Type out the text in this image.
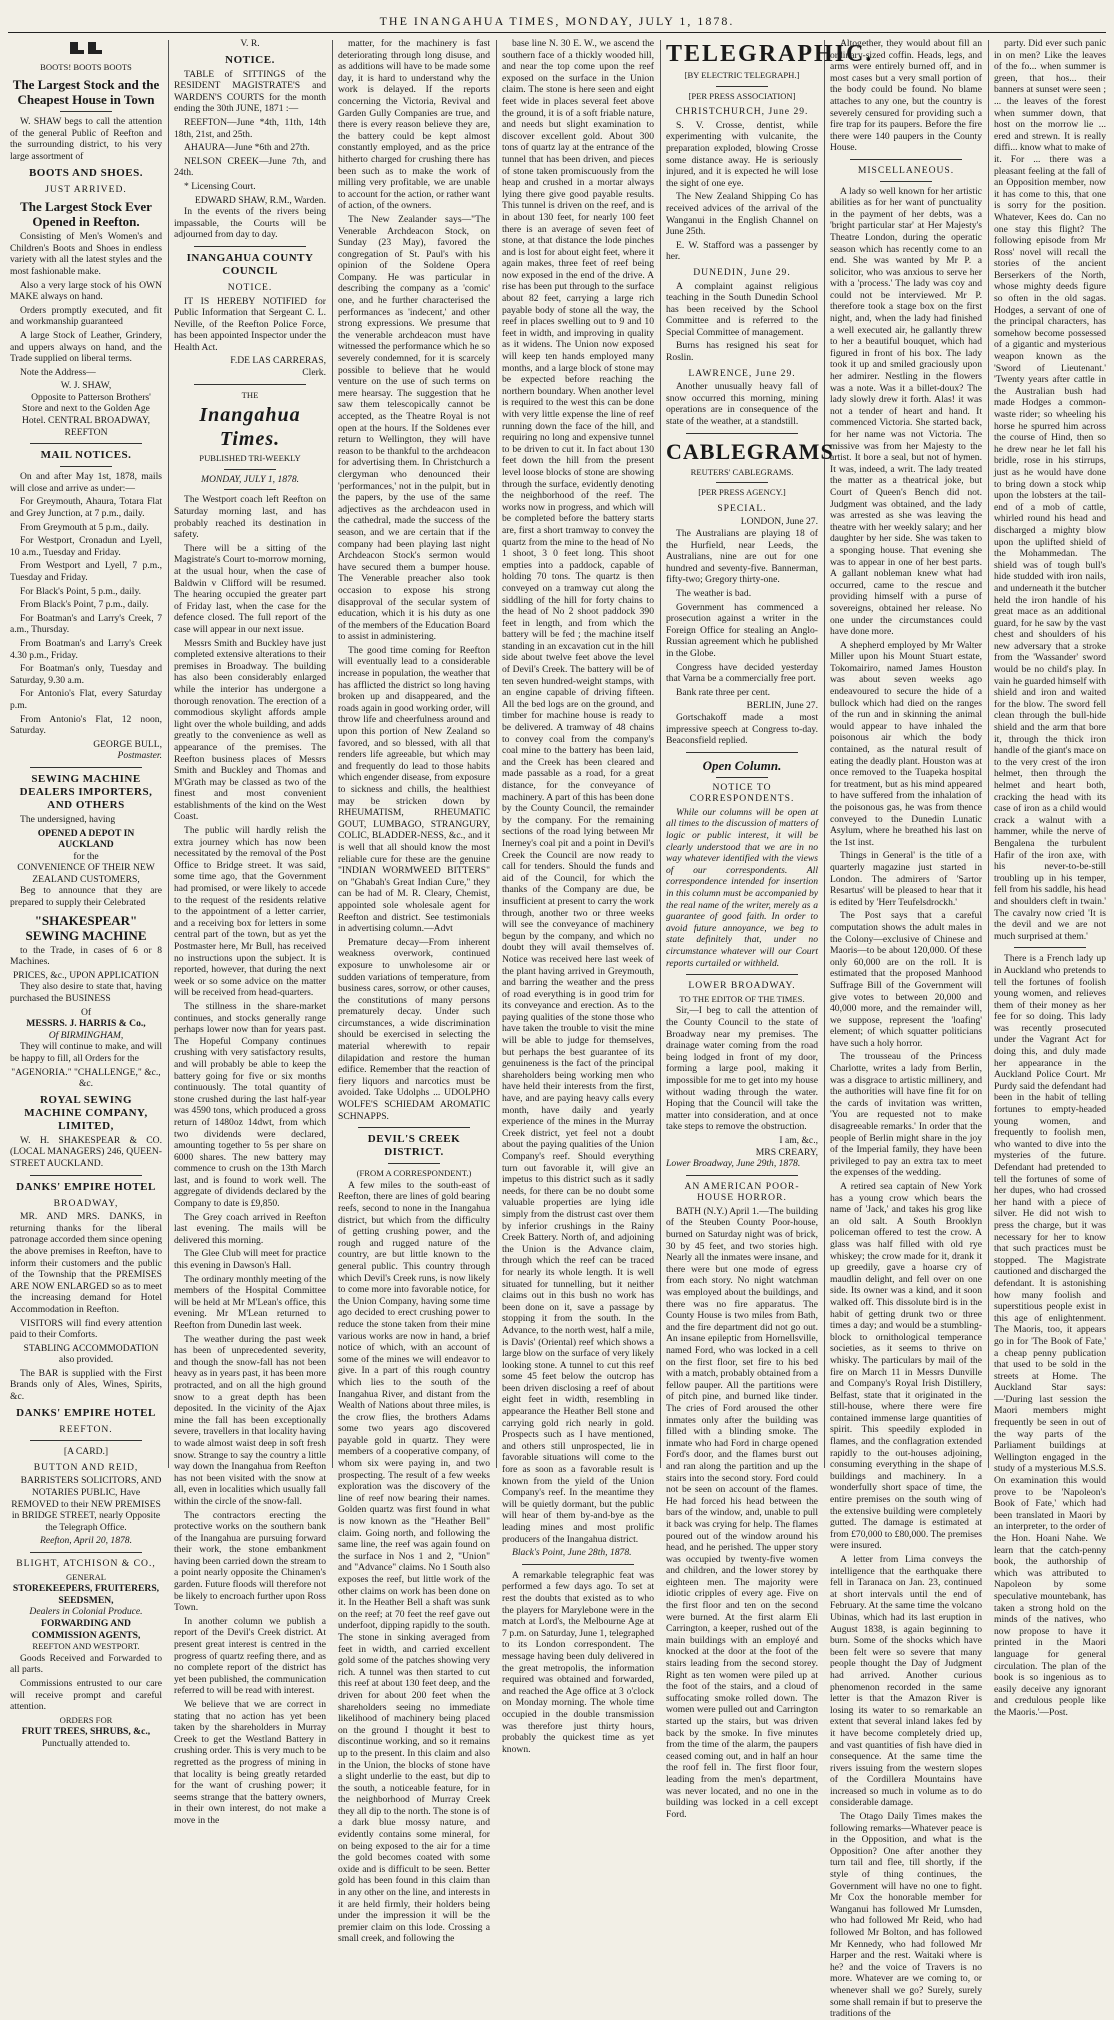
THE INANGAHUA TIMES, MONDAY, JULY 1, 1878.
BOOTS! BOOTS BOOTS
The Largest Stock and the Cheapest House in Town

W. SHAW begs to call the attention of the general Public of Reefton and the surrounding district, to his very large assortment of

BOOTS AND SHOES.
JUST ARRIVED.
The Largest Stock Ever Opened in Reefton.

Consisting of Men's Women's and Children's Boots and Shoes in endless variety with all the latest styles and the most fashionable make.

Also a very large stock of his OWN MAKE always on hand.

Orders promptly executed, and fit and workmanship guaranteed

A large Stock of Leather, Grindery, and uppers always on hand, and the Trade supplied on liberal terms.

Note the Address—

W. J. SHAW,

Opposite to Patterson Brothers' Store and next to the Golden Age Hotel. CENTRAL BROADWAY, REEFTON

MAIL NOTICES.

On and after May 1st, 1878, mails will close and arrive as under:—

For Greymouth, Ahaura, Totara Flat and Grey Junction, at 7 p.m., daily.

From Greymouth at 5 p.m., daily.

For Westport, Cronadun and Lyell, 10 a.m., Tuesday and Friday.

From Westport and Lyell, 7 p.m., Tuesday and Friday.

For Black's Point, 5 p.m., daily.

From Black's Point, 7 p.m., daily.

For Boatman's and Larry's Creek, 7 a.m., Thursday.

From Boatman's and Larry's Creek 4.30 p.m., Friday.

For Boatman's only, Tuesday and Saturday, 9.30 a.m.

For Antonio's Flat, every Saturday p.m.

From Antonio's Flat, 12 noon, Saturday.

GEORGE BULL,
Postmaster.
SEWING MACHINE DEALERS IMPORTERS, AND OTHERS

The undersigned, having

OPENED A DEPOT IN AUCKLAND
for the
CONVENIENCE OF THEIR NEW ZEALAND CUSTOMERS,

Beg to announce that they are prepared to supply their Celebrated

"SHAKESPEAR" SEWING MACHINE

to the Trade, in cases of 6 or 8 Machines.

PRICES, &c., UPON APPLICATION

They also desire to state that, having purchased the BUSINESS

Of
MESSRS. J. HARRIS & Co.,
Of BIRMINGHAM,

They will continue to make, and will be happy to fill, all Orders for the

"AGENORIA." "CHALLENGE," &c., &c.
ROYAL SEWING MACHINE COMPANY, LIMITED,

W. H. SHAKESPEAR & CO. (LOCAL MANAGERS) 246, QUEEN-STREET AUCKLAND.

DANKS' EMPIRE HOTEL
BROADWAY,

MR. AND MRS. DANKS, in returning thanks for the liberal patronage accorded them since opening the above premises in Reefton, have to inform their customers and the public of the Township that the PREMISES ARE NOW ENLARGED so as to meet the increasing demand for Hotel Accommodation in Reefton.

VISITORS will find every attention paid to their Comforts.

STABLING ACCOMMODATION also provided.

The BAR is supplied with the First Brands only of Ales, Wines, Spirits, &c.

DANKS' EMPIRE HOTEL
REEFTON.
[A CARD.]
BUTTON AND REID,

BARRISTERS SOLICITORS, AND NOTARIES PUBLIC, Have REMOVED to their NEW PREMISES in BRIDGE STREET, nearly Opposite the Telegraph Office.

Reefton, April 20, 1878.
BLIGHT, ATCHISON & CO.,
GENERAL
STOREKEEPERS, FRUITERERS, SEEDSMEN,
Dealers in Colonial Produce.
FORWARDING AND COMMISSION AGENTS,
REEFTON AND WESTPORT.

Goods Received and Forwarded to all parts.

Commissions entrusted to our care will receive prompt and careful attention.

ORDERS FOR
FRUIT TREES, SHRUBS, &c.,
Punctually attended to.
V. R.
NOTICE.

TABLE of SITTINGS of the RESIDENT MAGISTRATE'S and WARDEN'S COURTS for the month ending the 30th JUNE, 1871 :—

REEFTON—June *4th, 11th, 14th 18th, 21st, and 25th.

AHAURA—June *6th and 27th.

NELSON CREEK—June 7th, and 24th.

* Licensing Court.

EDWARD SHAW, R.M., Warden.

In the events of the rivers being impassable, the Courts will be adjourned from day to day.

INANGAHUA COUNTY COUNCIL
NOTICE.

IT IS HEREBY NOTIFIED for Public Information that Sergeant C. L. Neville, of the Reefton Police Force, has been appointed Inspector under the Health Act.

F.DE LAS CARRERAS,
Clerk.
THE
Inangahua Times.
PUBLISHED TRI-WEEKLY
MONDAY, JULY 1, 1878.

The Westport coach left Reefton on Saturday morning last, and has probably reached its destination in safety.

There will be a sitting of the Magistrate's Court to-morrow morning, at the usual hour, when the case of Baldwin v Clifford will be resumed. The hearing occupied the greater part of Friday last, when the case for the defence closed. The full report of the case will appear in our next issue.

Messrs Smith and Buckley have just completed extensive alterations to their premises in Broadway. The building has also been considerably enlarged while the interior has undergone a thorough renovation. The erection of a commodious skylight affords ample light over the whole building, and adds greatly to the convenience as well as appearance of the premises. The Reefton business places of Messrs Smith and Buckley and Thomas and M'Grath may be classed as two of the finest and most convenient establishments of the kind on the West Coast.

The public will hardly relish the extra journey which has now been necessitated by the removal of the Post Office to Bridge street. It was said, some time ago, that the Government had promised, or were likely to accede to the request of the residents relative to the appointment of a letter carrier, and a receiving box for letters in some central part of the town, but as yet the Postmaster here, Mr Bull, has received no instructions upon the subject. It is reported, however, that during the next week or so some advice on the matter will be received from head-quarters.

The stillness in the share-market continues, and stocks generally range perhaps lower now than for years past. The Hopeful Company continues crushing with very satisfactory results, and will probably be able to keep the battery going for five or six months continuously. The total quantity of stone crushed during the last half-year was 4590 tons, which produced a gross return of 1480oz 14dwt, from which two dividends were declared, amounting together to 5s per share on 6000 shares. The new battery may commence to crush on the 13th March last, and is found to work well. The aggregate of dividends declared by the Company to date is £9,850.

The Grey coach arrived in Reefton last evening. The mails will be delivered this morning.

The Glee Club will meet for practice this evening in Dawson's Hall.

The ordinary monthly meeting of the members of the Hospital Committee will be held at Mr M'Lean's office, this evening. Mr M'Lean returned to Reefton from Dunedin last week.

The weather during the past week has been of unprecedented severity, and though the snow-fall has not been heavy as in years past, it has been more protracted, and on all the high ground snow to a great depth has been deposited. In the vicinity of the Ajax mine the fall has been exceptionally severe, travellers in that locality having to wade almost waist deep in soft fresh snow. Strange to say the country a little way down the Inangahua from Reefton has not been visited with the snow at all, even in localities which usually fall within the circle of the snow-fall.

The contractors erecting the protective works on the southern bank of the Inangahua are pursuing forward their work, the stone embankment having been carried down the stream to a point nearly opposite the Chinamen's garden. Future floods will therefore not be likely to encroach further upon Ross Town.

In another column we publish a report of the Devil's Creek district. At present great interest is centred in the progress of quartz reefing there, and as no complete report of the district has yet been published, the communication referred to will be read with interest.

We believe that we are correct in stating that no action has yet been taken by the shareholders in Murray Creek to get the Westland Battery in crushing order. This is very much to be regretted as the progress of mining in that locality is being greatly retarded for the want of crushing power; it seems strange that the battery owners, in their own interest, do not make a move in the

matter, for the machinery is fast deteriorating through long disuse, and as additions will have to be made some day, it is hard to understand why the work is delayed. If the reports concerning the Victoria, Revival and Garden Gully Companies are true, and there is every reason believe they are, the battery could be kept almost constantly employed, and as the price hitherto charged for crushing there has been such as to make the work of milling very profitable, we are unable to account for the action, or rather want of action, of the owners.

The New Zealander says—"The Venerable Archdeacon Stock, on Sunday (23 May), favored the congregation of St. Paul's with his opinion of the Soldene Opera Company. He was particular in describing the company as a 'comic' one, and he further characterised the performances as 'indecent,' and other strong expressions. We presume that the venerable archdeacon must have witnessed the performance which he so severely condemned, for it is scarcely possible to believe that he would venture on the use of such terms on mere hearsay. The suggestion that he saw them telescopically cannot be accepted, as the Theatre Royal is not open at the hours. If the Soldenes ever return to Wellington, they will have reason to be thankful to the archdeacon for advertising them. In Christchurch a clergyman who denounced their 'performances,' not in the pulpit, but in the papers, by the use of the same adjectives as the archdeacon used in the cathedral, made the success of the season, and we are certain that if the company had been playing last night Archdeacon Stock's sermon would have secured them a bumper house. The Venerable preacher also took occasion to expose his strong disapproval of the secular system of education, which it is his duty as one of the members of the Education Board to assist in administering.

The good time coming for Reefton will eventually lead to a considerable increase in population, the weather that has afflicted the district so long having broken up and disappeared, and the roads again in good working order, will throw life and cheerfulness around and upon this portion of New Zealand so favored, and so blessed, with all that renders life agreeable, but which may and frequently do lead to those habits which engender disease, from exposure to sickness and chills, the healthiest may be stricken down by RHEUMATISM, RHEUMATIC GOUT, LUMBAGO, STRANGURY, COLIC, BLADDER-NESS, &c., and it is well that all should know the most reliable cure for these are the genuine "INDIAN WORMWEED BITTERS" on "Ghabah's Great Indian Cure," they can be had of M. R. Cleary, Chemist, appointed sole wholesale agent for Reefton and district. See testimonials in advertising column.—Advt

Premature decay—From inherent weakness overwork, continued exposure to unwholesome air or sudden variations of temperature, from business cares, sorrow, or other causes, the constitutions of many persons prematurely decay. Under such circumstances, a wide discrimination should be exercised in selecting the material wherewith to repair dilapidation and restore the human edifice. Remember that the reaction of fiery liquors and narcotics must be avoided. Take Udolphs ... UDOLPHO WOLFE'S SCHIEDAM AROMATIC SCHNAPPS.

DEVIL'S CREEK DISTRICT.
(FROM A CORRESPONDENT.)

A few miles to the south-east of Reefton, there are lines of gold bearing reefs, second to none in the Inangahua district, but which from the difficulty of getting crushing power, and the rough and rugged nature of the country, are but little known to the general public. This country through which Devil's Creek runs, is now likely to come more into favorable notice, for the Union Company, having some time ago decided to erect crushing power to reduce the stone taken from their mine various works are now in hand, a brief notice of which, with an account of some of the mines we will endeavor to give. In a part of this rough country which lies to the south of the Inangahua River, and distant from the Wealth of Nations about three miles, is the crow flies, the brothers Adams some two years ago discovered payable gold in quartz. They were members of a cooperative company, of whom six were paying in, and two prospecting. The result of a few weeks exploration was the discovery of the line of reef now bearing their names. Golden quartz was first found in what is now known as the "Heather Bell" claim. Going north, and following the same line, the reef was again found on the surface in Nos 1 and 2, "Union" and "Advance" claims. No 1 South also exposes the reef, but little work of the other claims on work has been done on it. In the Heather Bell a shaft was sunk on the reef; at 70 feet the reef gave out underfoot, dipping rapidly to the south. The stone in sinking averaged from feet in width, and carried excellent gold some of the patches showing very rich. A tunnel was then started to cut this reef at about 130 feet deep, and the driven for about 200 feet when the shareholders seeing no immediate likelihood of machinery being placed on the ground I thought it best to discontinue working, and so it remains up to the present. In this claim and also in the Union, the blocks of stone have a slight underlie to the east, but dip to the south, a noticeable feature, for in the neighborhood of Murray Creek they all dip to the north. The stone is of a dark blue mossy nature, and evidently contains some mineral, for on being exposed to the air for a time the gold becomes coated with some oxide and is difficult to be seen. Better gold has been found in this claim than in any other on the line, and interests in it are held firmly, their holders being under the impression it will be the premier claim on this lode. Crossing a small creek, and following the

base line N. 30 E. W., we ascend the southern face of a thickly wooded hill, and near the top come upon the reef exposed on the surface in the Union claim. The stone is here seen and eight feet wide in places several feet above the ground, it is of a soft friable nature, and needs but slight examination to discover excellent gold. About 300 tons of quartz lay at the entrance of the tunnel that has been driven, and pieces of stone taken promiscuously from the heap and crushed in a mortar always lying there give good payable results. This tunnel is driven on the reef, and is in about 130 feet, for nearly 100 feet there is an average of seven feet of stone, at that distance the lode pinches and is lost for about eight feet, where it again makes, three feet of reef being now exposed in the end of the drive. A rise has been put through to the surface about 82 feet, carrying a large rich payable body of stone all the way, the reef in places swelling out to 9 and 10 feet in width, and improving in quality as it widens. The Union now exposed will keep ten hands employed many months, and a large block of stone may be expected before reaching the northern boundary. When another level is required to the west this can be done with very little expense the line of reef running down the face of the hill, and requiring no long and expensive tunnel to be driven to cut it. In fact about 130 feet down the hill from the present level loose blocks of stone are showing through the surface, evidently denoting the neighborhood of the reef. The works now in progress, and which will be completed before the battery starts are, first a short tramway to convey the quartz from the mine to the head of No 1 shoot, 3 0 feet long. This shoot empties into a paddock, capable of holding 70 tons. The quartz is then conveyed on a tramway cut along the siddling of the hill for forty chains to the head of No 2 shoot paddock 390 feet in length, and from which the battery will be fed ; the machine itself standing in an excavation cut in the hill side about twelve feet above the level of Devil's Creek. The battery will be of ten seven hundred-weight stamps, with an engine capable of driving fifteen. All the bed logs are on the ground, and timber for machine house is ready to be delivered. A tramway of 48 chains to convey coal from the company's coal mine to the battery has been laid, and the Creek has been cleared and made passable as a road, for a great distance, for the conveyance of machinery. A part of this has been done by the County Council, the remainder by the company. For the remaining sections of the road lying between Mr Inerney's coal pit and a point in Devil's Creek the Council are now ready to call for tenders. Should the funds and aid of the Council, for which the thanks of the Company are due, be insufficient at present to carry the work through, another two or three weeks will see the conveyance of machinery begun by the company, and which no doubt they will avail themselves of. Notice was received here last week of the plant having arrived in Greymouth, and barring the weather and the press of road everything is in good trim for its conveyance and erection. As to the paying qualities of the stone those who have taken the trouble to visit the mine will be able to judge for themselves, but perhaps the best guarantee of its genuineness is the fact of the principal shareholders being working men who have held their interests from the first, have, and are paying heavy calls every month, have daily and yearly experience of the mines in the Murray Creek district, yet feel not a doubt about the paying qualities of the Union Company's reef. Should everything turn out favorable it, will give an impetus to this district such as it sadly needs, for there can be no doubt some valuable properties are lying idle simply from the distrust cast over them by inferior crushings in the Rainy Creek Battery. North of, and adjoining the Union is the Advance claim, through which the reef can be traced for nearly its whole length. It is well situated for tunnelling, but it neither claims out in this bush no work has been done on it, save a passage by stopping it from the south. In the Advance, to the north west, half a mile, is Davis' (Oriental) reef which shows a large blow on the surface of very likely looking stone. A tunnel to cut this reef some 45 feet below the outcrop has been driven disclosing a reef of about eight feet in width, resembling in appearance the Heather Bell stone and carrying gold rich nearly in gold. Prospects such as I have mentioned, and others still unprospected, lie in favorable situations will come to the fore as soon as a favorable result is known from the yield of the Union Company's reef. In the meantime they will be quietly dormant, but the public will hear of them by-and-bye as the leading mines and most prolific producers of the Inangahua district.

Black's Point, June 28th, 1878.

A remarkable telegraphic feat was performed a few days ago. To set at rest the doubts that existed as to who the players for Marylebone were in the match at Lord's, the Melbourne Age at 7 p.m. on Saturday, June 1, telegraphed to its London correspondent. The message having been duly delivered in the great metropolis, the information required was obtained and forwarded, and reached the Age office at 3 o'clock on Monday morning. The whole time occupied in the double transmission was therefore just thirty hours, probably the quickest time as yet known.

TELEGRAPHIC.
[BY ELECTRIC TELEGRAPH.]
[PER PRESS ASSOCIATION]
CHRISTCHURCH, June 29.

S. V. Crosse, dentist, while experimenting with vulcanite, the preparation exploded, blowing Crosse some distance away. He is seriously injured, and it is expected he will lose the sight of one eye.

The New Zealand Shipping Co has received advices of the arrival of the Wanganui in the English Channel on June 25th.

E. W. Stafford was a passenger by her.

DUNEDIN, June 29.

A complaint against religious teaching in the South Dunedin School has been received by the School Committee and is referred to the Special Committee of management.

Burns has resigned his seat for Roslin.

LAWRENCE, June 29.

Another unusually heavy fall of snow occurred this morning, mining operations are in consequence of the state of the weather, at a standstill.

CABLEGRAMS
REUTERS' CABLEGRAMS.
[PER PRESS AGENCY.]
SPECIAL.
LONDON, June 27.

The Australians are playing 18 of the Hurfield, near Leeds, the Australians, nine are out for one hundred and seventy-five. Bannerman, fifty-two; Gregory thirty-one.

The weather is bad.

Government has commenced a prosecution against a writer in the Foreign Office for stealing an Anglo-Russian agreement which he published in the Globe.

Congress have decided yesterday that Varna be a commercially free port.

Bank rate three per cent.

BERLIN, June 27.

Gortschakoff made a most impressive speech at Congress to-day. Beaconsfield replied.

Open Column.
NOTICE TO CORRESPONDENTS.

While our columns will be open at all times to the discussion of matters of logic or public interest, it will be clearly understood that we are in no way whatever identified with the views of our correspondents. All correspondence intended for insertion in this column must be accompanied by the real name of the writer, merely as a guarantee of good faith. In order to avoid future annoyance, we beg to state definitely that, under no circumstance whatever will our Court reports curtailed or withheld.

LOWER BROADWAY.
TO THE EDITOR OF THE TIMES.

Sir,—I beg to call the attention of the County Council to the state of Broadway near my premises. The drainage water coming from the road being lodged in front of my door, forming a large pool, making it impossible for me to get into my house without wading through the water. Hoping that the Council will take the matter into consideration, and at once take steps to remove the obstruction.

I am, &c.,
MRS CREARY,
Lower Broadway, June 29th, 1878.
AN AMERICAN POOR-HOUSE HORROR.

BATH (N.Y.) April 1.—The building of the Steuben County Poor-house, burned on Saturday night was of brick, 30 by 45 feet, and two stories high. Nearly all the inmates were insane, and there were but one mode of egress from each story. No night watchman was employed about the buildings, and there was no fire apparatus. The County House is two miles from Bath, and the fire department did not go out. An insane epileptic from Hornellsville, named Ford, who was locked in a cell on the first floor, set fire to his bed with a match, probably obtained from a fellow pauper. All the partitions were of pitch pine, and burned like tinder. The cries of Ford aroused the other inmates only after the building was filled with a blinding smoke. The inmate who had Ford in charge opened Ford's door, and the flames burst out and ran along the partition and up the stairs into the second story. Ford could not be seen on account of the flames. He had forced his head between the bars of the window, and, unable to pull it back was crying for help. The flames poured out of the window around his head, and he perished. The upper story was occupied by twenty-five women and children, and the lower storey by eighteen men. The majority were idiotic cripples of every age. Five on the first floor and ten on the second were burned. At the first alarm Eli Carrington, a keeper, rushed out of the main buildings with an employé and knocked at the door at the foot of the stairs leading from the second storey. Right as ten women were piled up at the foot of the stairs, and a cloud of suffocating smoke rolled down. The women were pulled out and Carrington started up the stairs, but was driven back by the smoke. In five minutes from the time of the alarm, the paupers ceased coming out, and in half an hour the roof fell in. The first floor four, leading from the men's department, was never located, and no one in the building was locked in a cell except Ford.

Altogether, they would about fill an ordinary-sized coffin. Heads, legs, and arms were entirely burned off, and in most cases but a very small portion of the body could be found. No blame attaches to any one, but the country is severely censured for providing such a fire trap for its paupers. Before the fire there were 140 paupers in the County House.

MISCELLANEOUS.

A lady so well known for her artistic abilities as for her want of punctuality in the payment of her debts, was a 'bright particular star' at Her Majesty's Theatre London, during the operatic season which has recently come to an end. She was wanted by Mr P. a solicitor, who was anxious to serve her with a 'process.' The lady was coy and could not be interviewed. Mr P. therefore took a stage box on the first night, and, when the lady had finished a well executed air, he gallantly threw to her a beautiful bouquet, which had figured in front of his box. The lady took it up and smiled graciously upon her admirer. Nestling in the flowers was a note. Was it a billet-doux? The lady slowly drew it forth. Alas! it was not a tender of heart and hand. It commenced Victoria. She started back, for her name was not Victoria. The missive was from her Majesty to the artist. It bore a seal, but not of hymen. It was, indeed, a writ. The lady treated the matter as a theatrical joke, but Court of Queen's Bench did not. Judgment was obtained, and the lady was arrested as she was leaving the theatre with her weekly salary; and her daughter by her side. She was taken to a sponging house. That evening she was to appear in one of her best parts. A gallant nobleman knew what had occurred, came to the rescue and providing himself with a purse of sovereigns, obtained her release. No one under the circumstances could have done more.

A shepherd employed by Mr Walter Miller upon his Mount Stuart estate, Tokomairiro, named James Houston was about seven weeks ago endeavoured to secure the hide of a bullock which had died on the ranges of the run and in skinning the animal would appear to have inhaled the poisonous air which the body contained, as the natural result of eating the deadly plant. Houston was at once removed to the Tuapeka hospital for treatment, but as his mind appeared to have suffered from the inhalation of the poisonous gas, he was from thence conveyed to the Dunedin Lunatic Asylum, where he breathed his last on the 1st inst.

Things in General' is the title of a quarterly magazine just started in London. The admirers of 'Sartor Resartus' will be pleased to hear that it is edited by 'Herr Teufelsdrockh.'

The Post says that a careful computation shows the adult males in the Colony—exclusive of Chinese and Maoris—to be about 120,000. Of these only 60,000 are on the roll. It is estimated that the proposed Manhood Suffrage Bill of the Government will give votes to between 20,000 and 40,000 more, and the remainder will, we suppose, represent the 'loafing' element; of which squatter politicians have such a holy horror.

The trousseau of the Princess Charlotte, writes a lady from Berlin, was a disgrace to artistic millinery, and the authorities will have fine fit for on the cards of invitation was written, 'You are requested not to make disagreeable remarks.' In order that the people of Berlin might share in the joy of the Imperial family, they have been privileged to pay an extra tax to meet the expenses of the wedding.

A retired sea captain of New York has a young crow which bears the name of 'Jack,' and takes his grog like an old salt. A South Brooklyn policeman offered to test the crow. A glass was half filled with old rye whiskey; the crow made for it, drank it up greedily, gave a hoarse cry of maudlin delight, and fell over on one side. Its owner was a kind, and it soon walked off. This dissolute bird is in the habit of getting drunk two or three times a day; and would be a stumbling-block to ornithological temperance societies, as it seems to thrive on whisky. The particulars by mail of the fire on March 11 in Messrs Dunville and Company's Royal Irish Distillery, Belfast, state that it originated in the still-house, where there were fire contained immense large quantities of spirit. This speedily exploded in flames, and the conflagration extended rapidly to the out-houses adjoining, consuming everything in the shape of buildings and machinery. In a wonderfully short space of time, the entire premises on the south wing of the extensive building were completely gutted. The damage is estimated at from £70,000 to £80,000. The premises were insured.

A letter from Lima conveys the intelligence that the earthquake there fell in Taranaca on Jan. 23, continued at short intervals until the end of February. At the same time the volcano Ubinas, which had its last eruption in August 1838, is again beginning to burn. Some of the shocks which have been felt were so severe that many people thought the Day of Judgment had arrived. Another curious phenomenon recorded in the same letter is that the Amazon River is losing its water to so remarkable an extent that several inland lakes fed by it have become completely dried up, and vast quantities of fish have died in consequence. At the same time the rivers issuing from the western slopes of the Cordillera Mountains have increased so much in volume as to do considerable damage.

The Otago Daily Times makes the following remarks—Whatever peace is in the Opposition, and what is the Opposition? One after another they turn tail and flee, till shortly, if the style of thing continues, the Government will have no one to fight. Mr Cox the honorable member for Wanganui has followed Mr Lumsden, who had followed Mr Reid, who had followed Mr Bolton, and has followed Mr Kennedy, who had followed Mr Harper and the rest. Waitaki where is he? and the voice of Travers is no more. Whatever are we coming to, or whenever shall we go? Surely, surely some shall remain if but to preserve the traditions of the

party. Did ever such panic in on men? Like the leaves of the fo... when summer is green, that hos... their banners at sunset were seen ; ... the leaves of the forest when summer down, that host on the morrow lie ... ered and strewn. It is really diffi... know what to make of it. For ... there was a pleasant feeling at the fall of an Opposition member, now it has come to this, that one is sorry for the position. Whatever, Kees do. Can no one stay this flight? The following episode from Mr Ross' novel will recall the stories of the ancient Berserkers of the North, whose mighty deeds figure so often in the old sagas. Hodges, a servant of one of the principal characters, has somehow become possessed of a gigantic and mysterious weapon known as the 'Sword of Lieutenant.' 'Twenty years after cattle in the Australian bush had made Hodges a common-waste rider; so wheeling his horse he spurred him across the course of Hind, then so he drew near he let fall his bridle, rose in his stirrups, just as he would have done to bring down a stock whip upon the lobsters at the tail-end of a mob of cattle, whirled round his head and discharged a mighty blow upon the uplifted shield of the Mohammedan. The shield was of tough bull's hide studded with iron nails, and underneath it the butcher held the iron handle of his great mace as an additional guard, for he saw by the vast chest and shoulders of his new adversary that a stroke from the 'Wassander' sword would be no child's play. In vain he guarded himself with shield and iron and waited for the blow. The sword fell clean through the bull-hide shield and the arm that bore it, through the thick iron handle of the giant's mace on to the very crest of the iron helmet, then through the helmet and heart both, cracking the head with its case of iron as a child would crack a walnut with a hammer, while the nerve of Bengalena the turbulent Hafir of the iron axe, with his never-to-be-still troubling up in his temper, fell from his saddle, his head and shoulders cleft in twain.' The cavalry now cried 'It is the devil and we are not much surprised at them.'

There is a French lady up in Auckland who pretends to tell the fortunes of foolish young women, and relieves them of their money as her fee for so doing. This lady was recently prosecuted under the Vagrant Act for doing this, and duly made her appearance in the Auckland Police Court. Mr Purdy said the defendant had been in the habit of telling fortunes to empty-headed young women, and frequently to foolish men, who wanted to dive into the mysteries of the future. Defendant had pretended to tell the fortunes of some of her dupes, who had crossed her hand with a piece of silver. He did not wish to press the charge, but it was necessary for her to know that such practices must be stopped. The Magistrate cautioned and discharged the defendant. It is astonishing how many foolish and superstitious people exist in this age of enlightenment. The Maoris, too, it appears go in for 'The Book of Fate,' a cheap penny publication that used to be sold in the streets at Home. The Auckland Star says:—'During last session the Maori members might frequently be seen in out of the way parts of the Parliament buildings at Wellington engaged in the study of a mysterious M.S.S. On examination this would prove to be 'Napoleon's Book of Fate,' which had been translated in Maori by an interpreter, to the order of the Hon. Hoani Nahe. We learn that the catch-penny book, the authorship of which was attributed to Napoleon by some speculative mountebank, has taken a strong hold on the minds of the natives, who now propose to have it printed in the Maori language for general circulation. The plan of the book is so ingenious as to easily deceive any ignorant and credulous people like the Maoris.'—Post.
